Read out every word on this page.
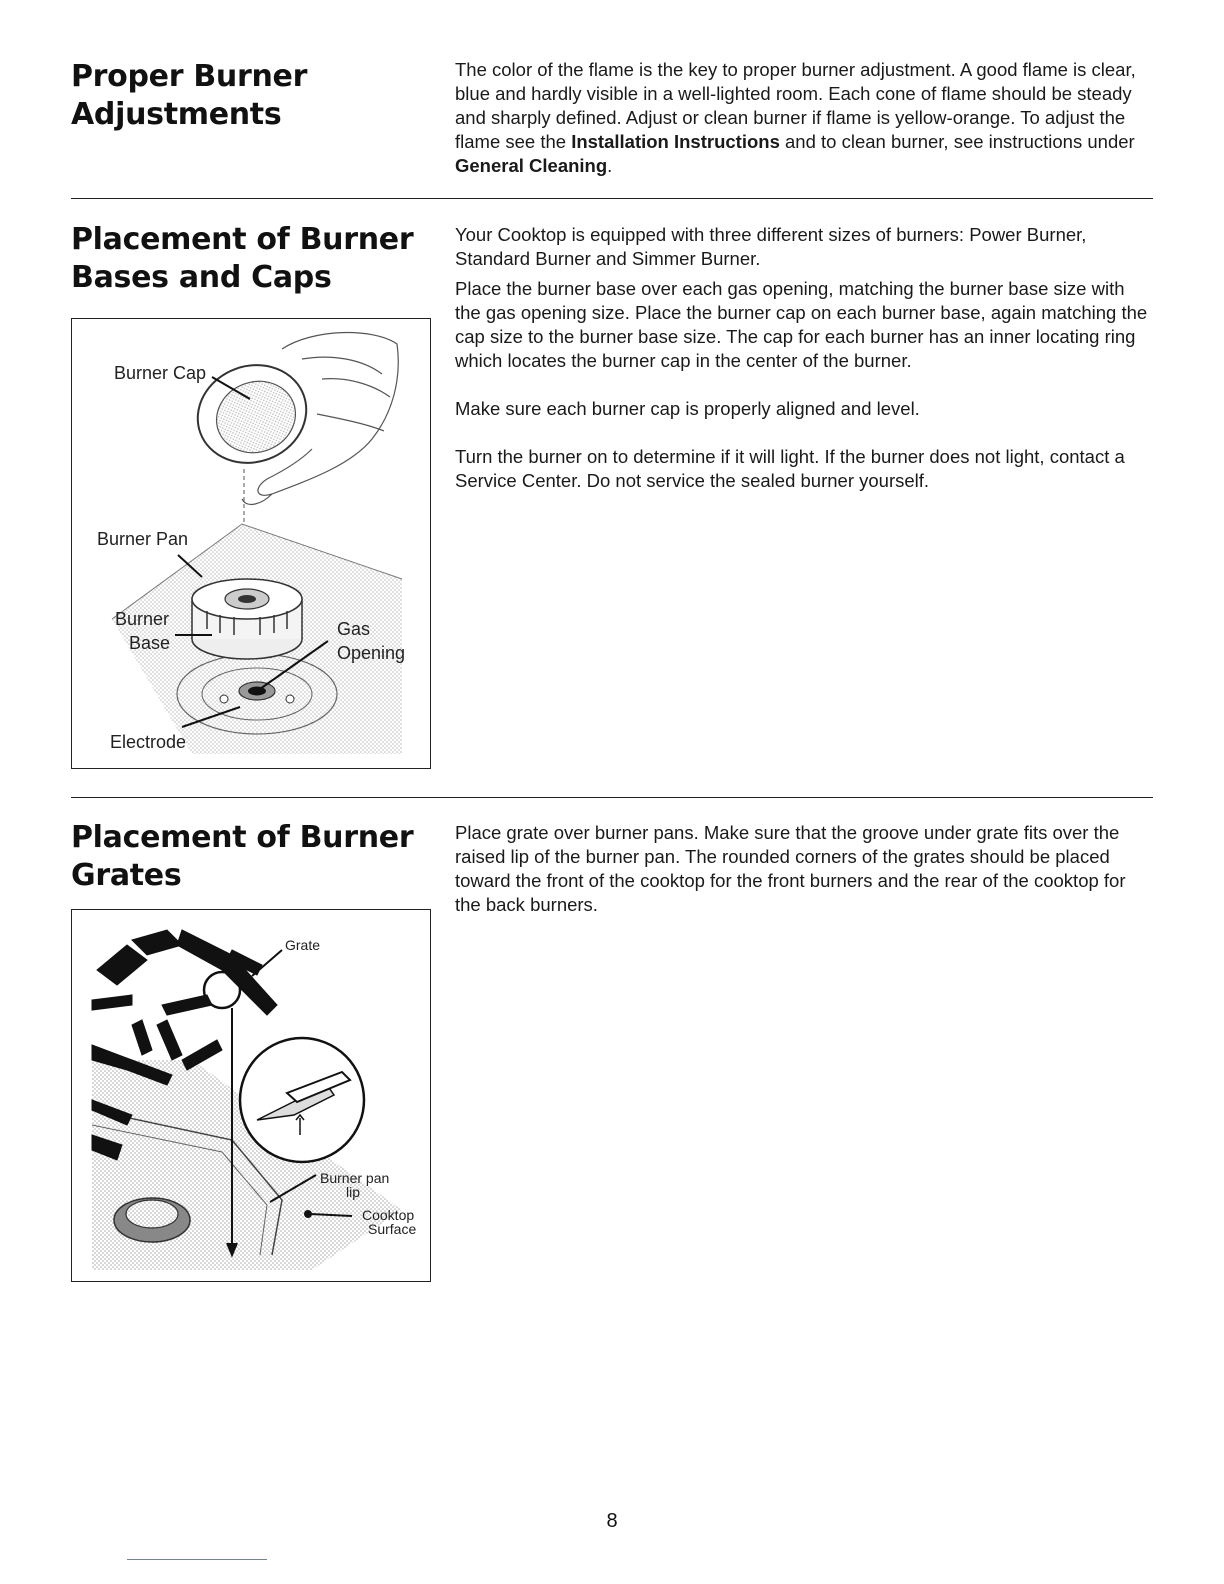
Proper Burner
Adjustments

The color of the flame is the key to proper burner adjustment. A good flame is clear, blue and hardly visible in a well-lighted room. Each cone of flame should be steady and sharply defined. Adjust or clean burner if flame is yellow-orange. To adjust the flame see the Installation Instructions and to clean burner, see instructions under General Cleaning.

Placement of Burner
Bases and Caps

Your Cooktop is equipped with three different sizes of burners: Power Burner, Standard Burner and Simmer Burner.

Place the burner base over each gas opening, matching the burner base size with the gas opening size. Place the burner cap on each burner base, again matching the cap size to the burner base size. The cap for each burner has an inner locating ring which locates the burner cap in the center of the burner.

Make sure each burner cap is properly aligned and level.

Turn the burner on to determine if it will light. If the burner does not light, contact a Service Center. Do not service the sealed burner yourself.

Burner Cap
Burner Pan
Burner
Base
Gas
Opening
Electrode
Placement of Burner
Grates

Place grate over burner pans. Make sure that the groove under grate fits over the raised lip of the burner pan. The rounded corners of the grates should be placed toward the front of the cooktop for the front burners and the rear of the cooktop for the back burners.

Grate
Burner pan
lip
Cooktop
Surface
8
